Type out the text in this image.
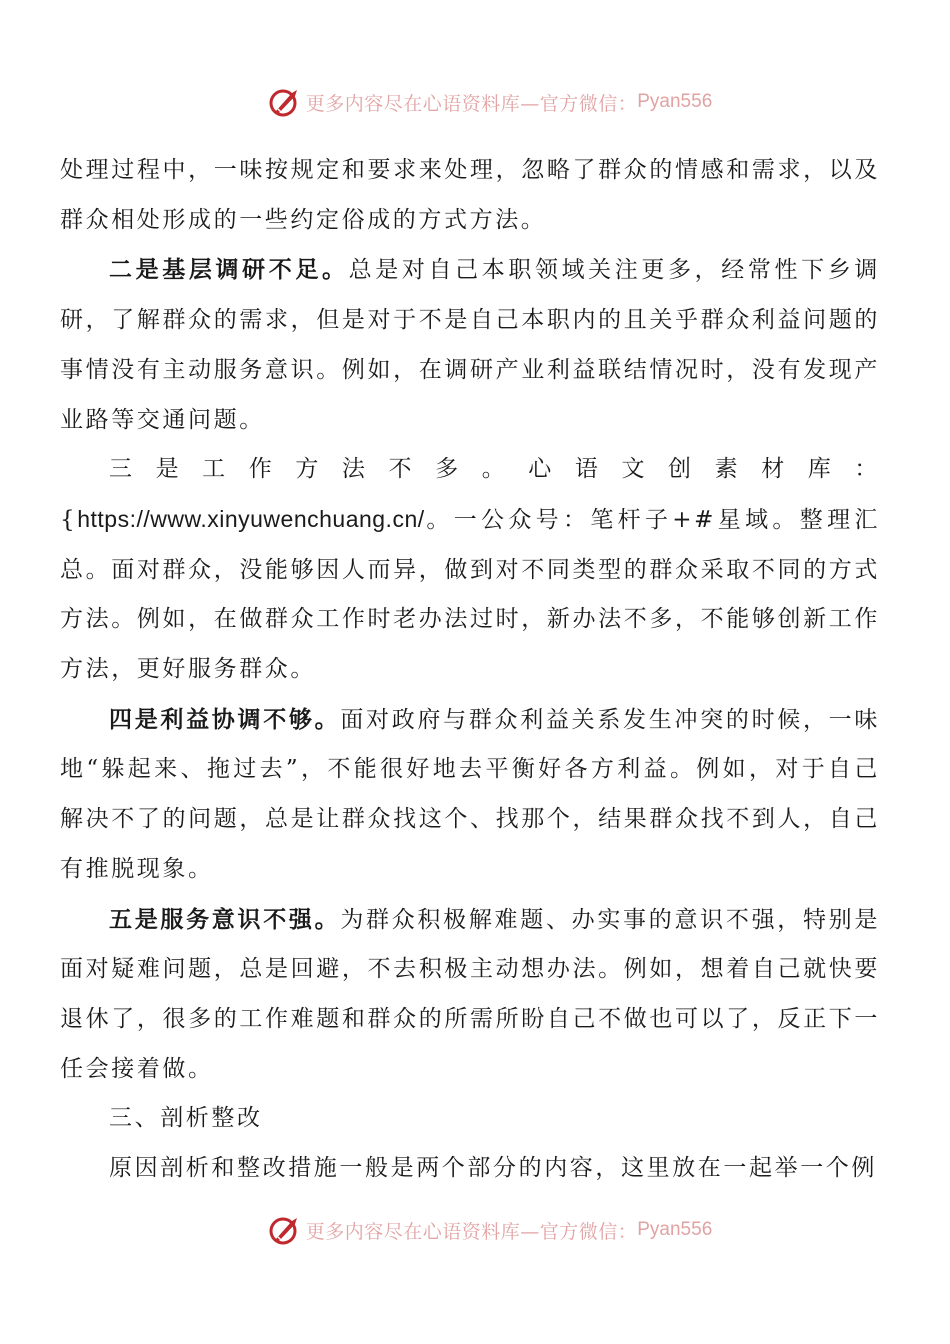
更多内容尽在心语资料库—官方微信： Pyan556

处理过程中，一味按规定和要求来处理，忽略了群众的情感和需求，以及群众相处形成的一些约定俗成的方式方法。

二是基层调研不足。总是对自己本职领域关注更多，经常性下乡调研，了解群众的需求，但是对于不是自己本职内的且关乎群众利益问题的事情没有主动服务意识。例如，在调研产业利益联结情况时，没有发现产业路等交通问题。

三是工作方法不多。心语文创素材库：{https://www.xinyuwenchuang.cn/。一公众号：笔杆子+#星域。整理汇总。面对群众，没能够因人而异，做到对不同类型的群众采取不同的方式方法。例如，在做群众工作时老办法过时，新办法不多，不能够创新工作方法，更好服务群众。

四是利益协调不够。面对政府与群众利益关系发生冲突的时候，一味地“躲起来、拖过去”，不能很好地去平衡好各方利益。例如，对于自己解决不了的问题，总是让群众找这个、找那个，结果群众找不到人，自己有推脱现象。

五是服务意识不强。为群众积极解难题、办实事的意识不强，特别是面对疑难问题，总是回避，不去积极主动想办法。例如，想着自己就快要退休了，很多的工作难题和群众的所需所盼自己不做也可以了，反正下一任会接着做。

三、剖析整改

原因剖析和整改措施一般是两个部分的内容，这里放在一起举一个例

更多内容尽在心语资料库—官方微信： Pyan556
